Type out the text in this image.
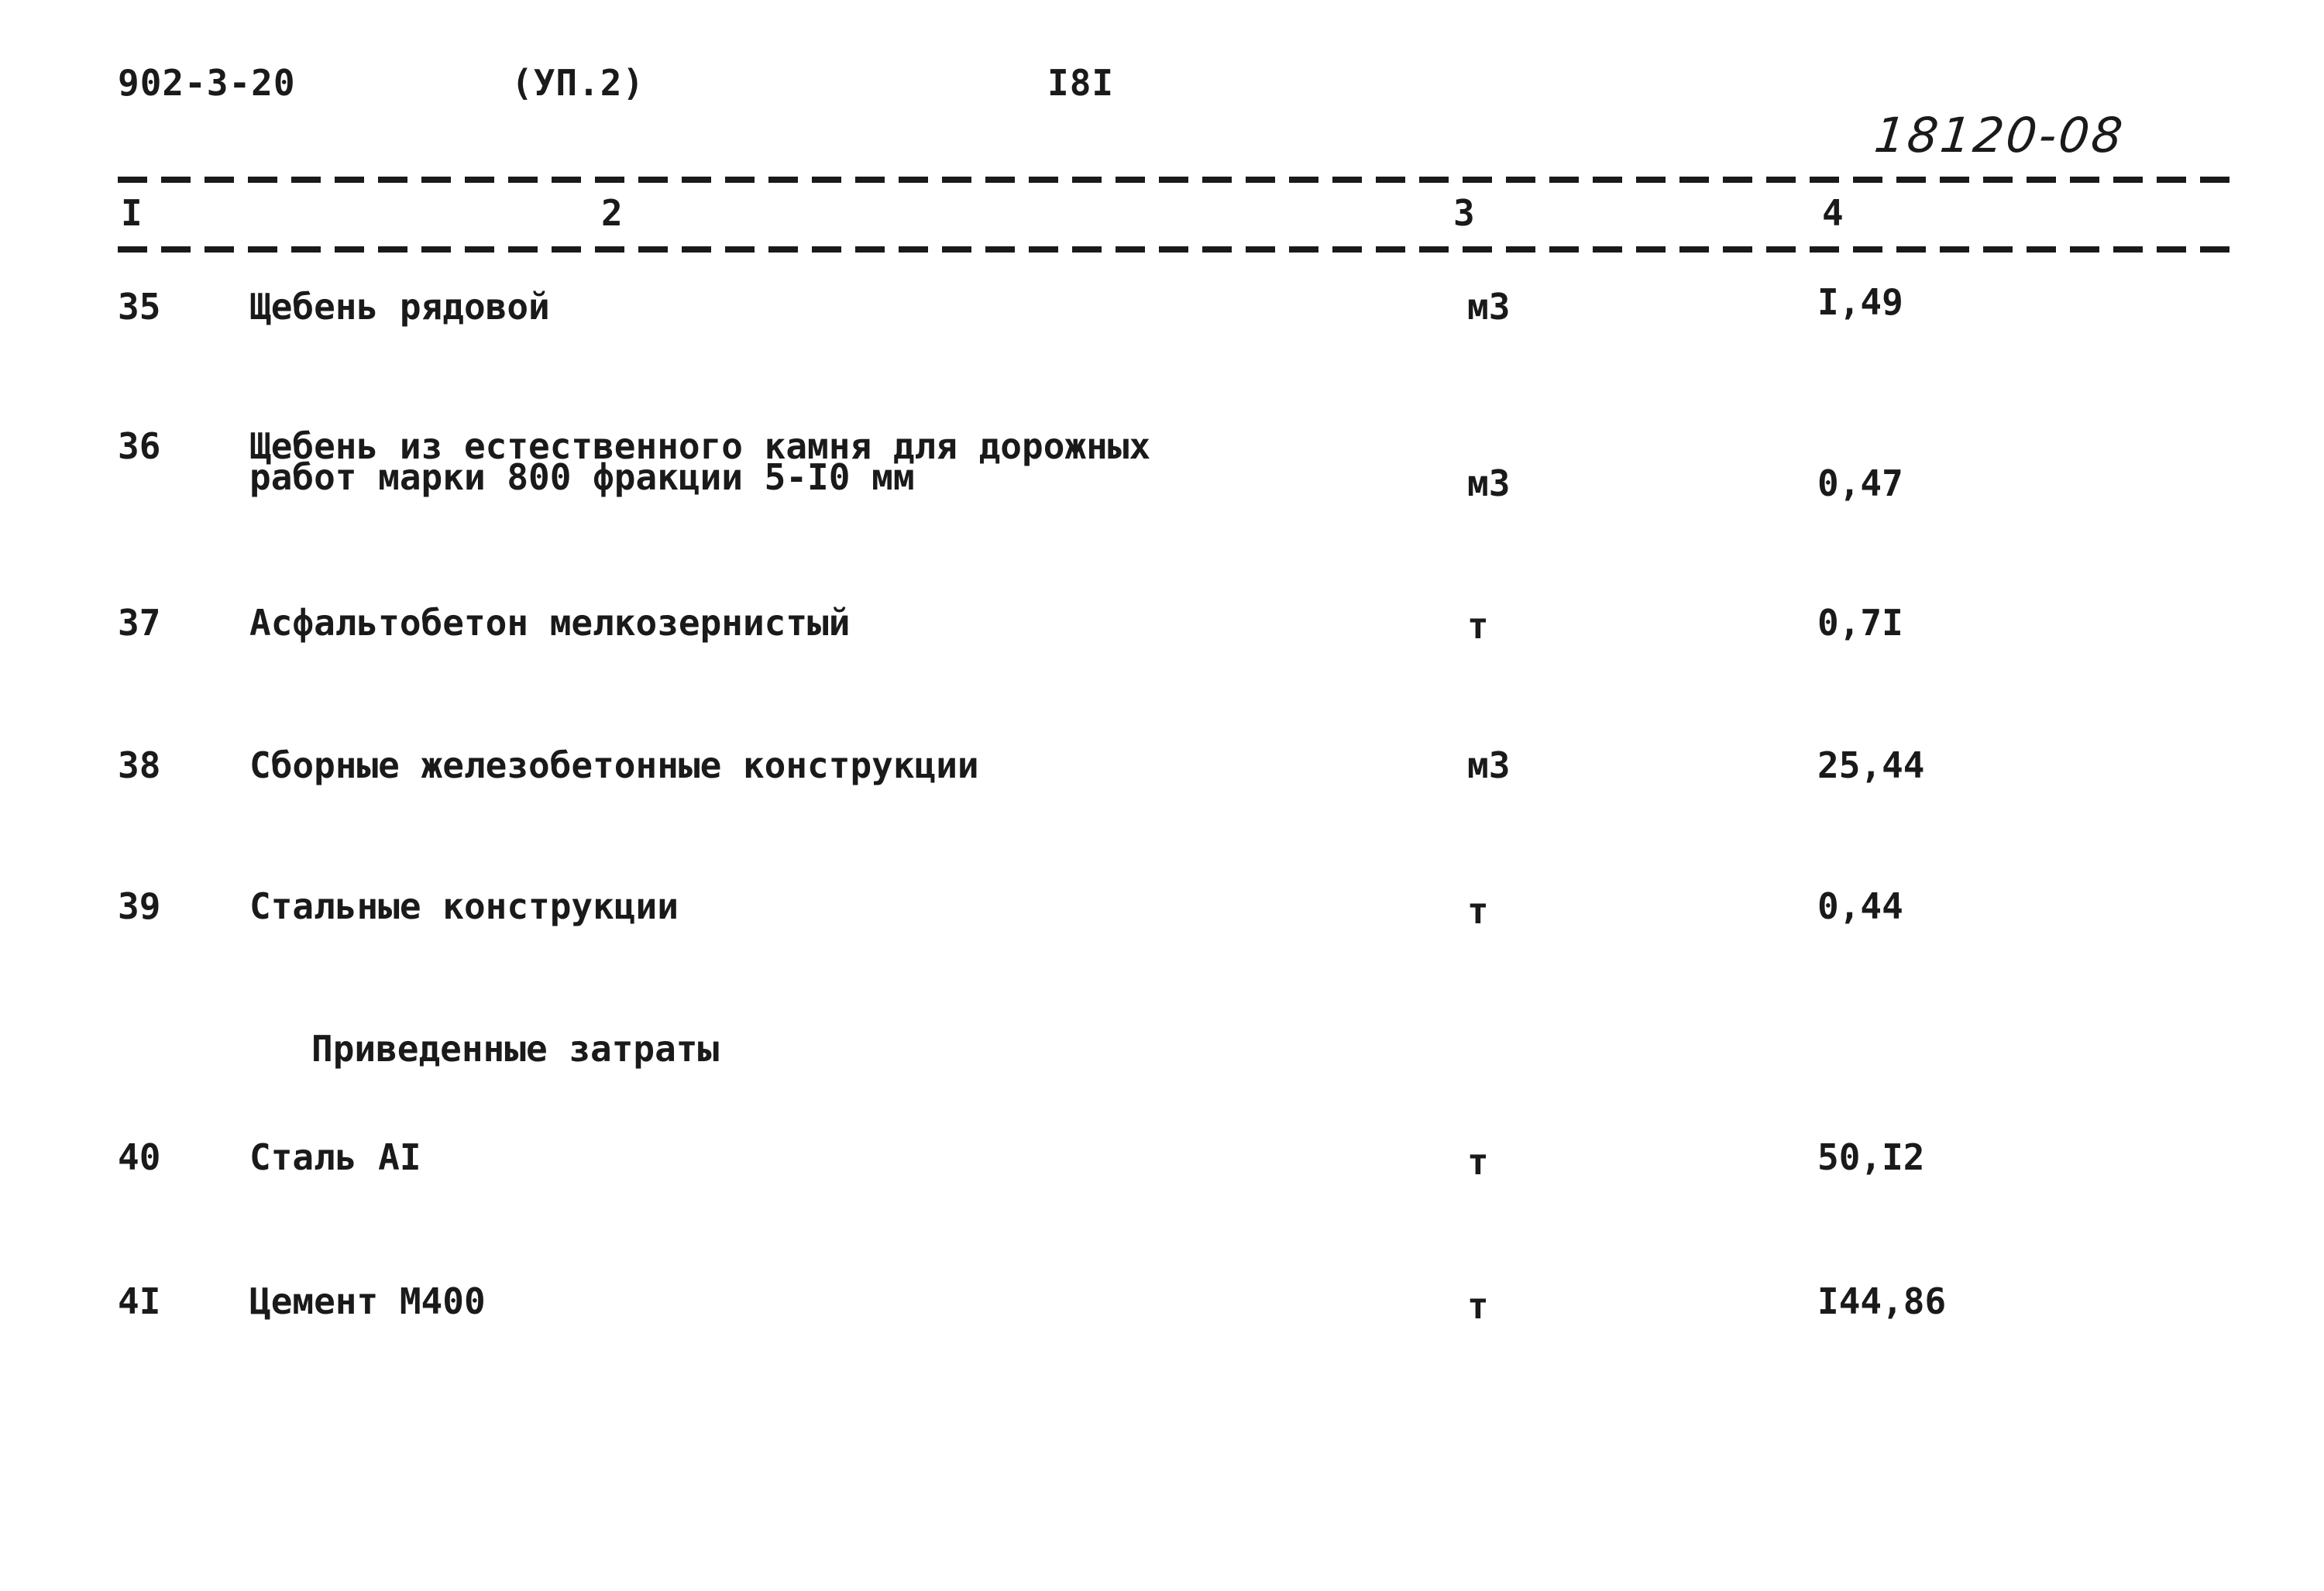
902-3-20	(УП.2)	I8I
18120-08
I	2	3	4
35 Щебень рядовой	м3	I,49
36 Щебень из естественного камня для дорожных
работ марки 800 фракции 5-I0 мм	м3	0,47
37 Асфальтобетон мелкозернистый	т	0,7I
38 Сборные железобетонные конструкции	м3	25,44
39 Стальные конструкции	т	0,44
Приведенные затраты
40 Сталь АI	т	50,I2
4I Цемент М400	т	I44,86
